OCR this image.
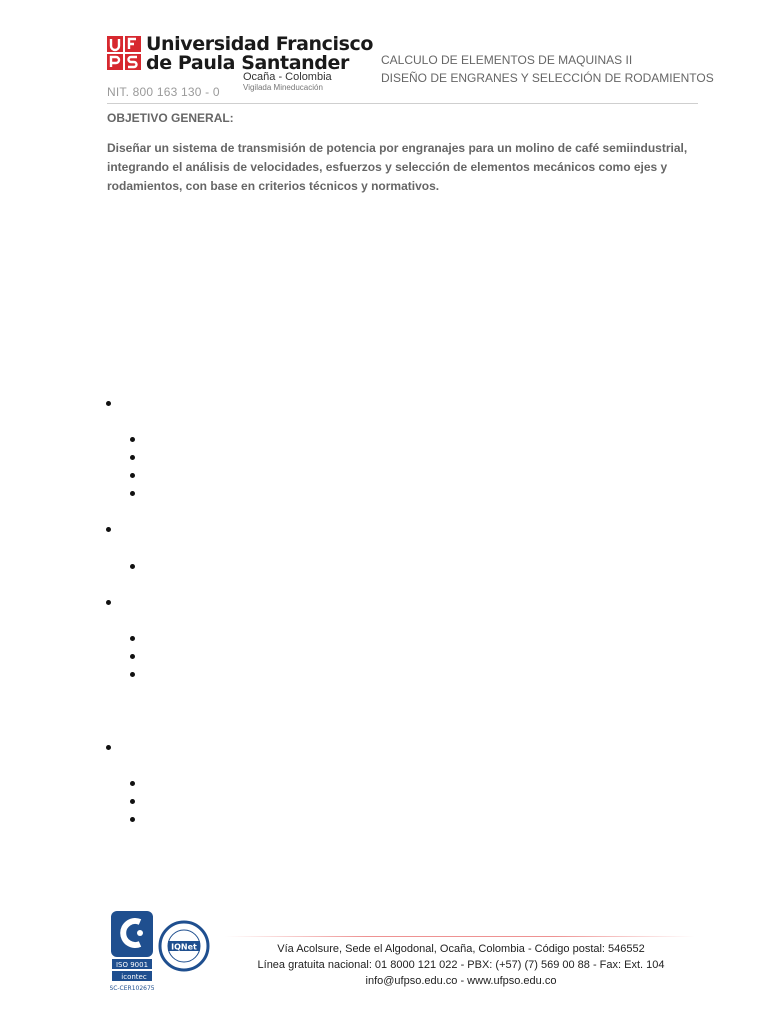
Universidad Francisco
de Paula Santander
Ocaña - Colombia
Vigilada Mineducación
NIT. 800 163 130 - 0
CALCULO DE ELEMENTOS DE MAQUINAS II
DISEÑO DE ENGRANES Y SELECCIÓN DE RODAMIENTOS
OBJETIVO GENERAL:
Diseñar un sistema de transmisión de potencia por engranajes para un molino de café semiindustrial, integrando el análisis de velocidades, esfuerzos y selección de elementos mecánicos como ejes y rodamientos, con base en criterios técnicos y normativos.
ISO 9001
icontec
SC-CER102675
IQNet	Vía Acolsure, Sede el Algodonal, Ocaña, Colombia - Código postal: 546552
Línea gratuita nacional: 01 8000 121 022 - PBX: (+57) (7) 569 00 88 - Fax: Ext. 104
info@ufpso.edu.co - www.ufpso.edu.co
